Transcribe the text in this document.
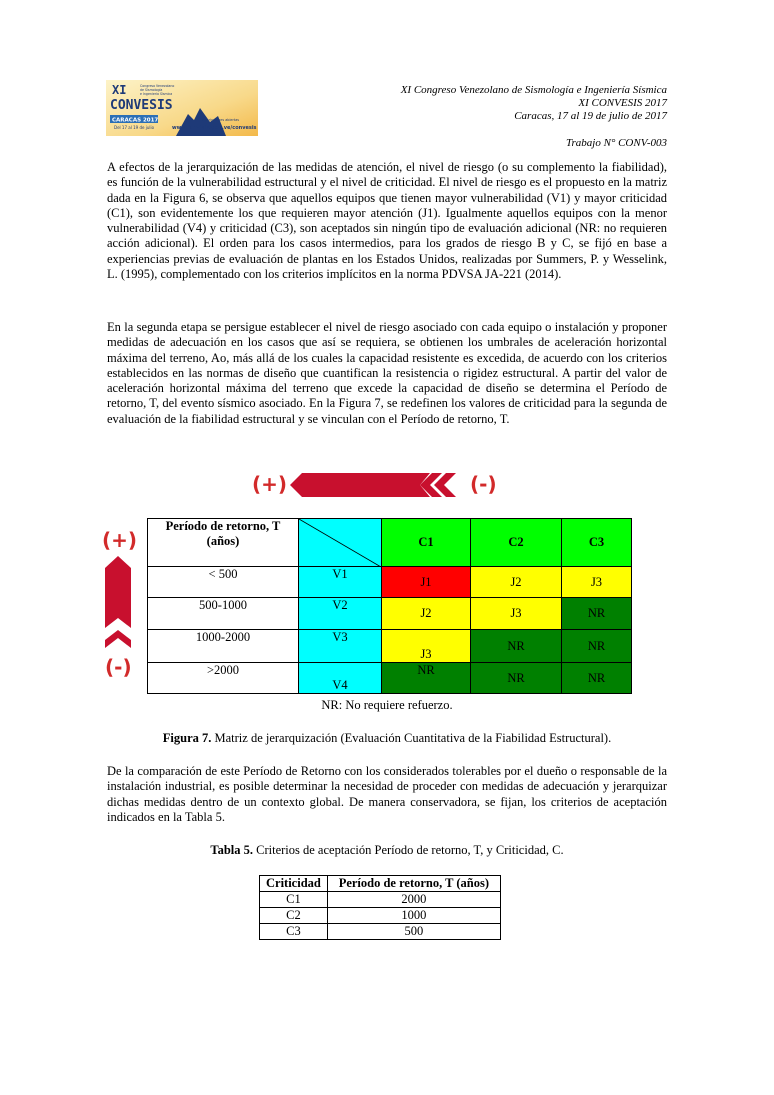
XI
CONVESIS
Congreso Venezolano
de Sismología
e Ingeniería Sísmica
CARACAS 2017
Del 17 al 19 de julio
Inscripciones abiertas
www.funvisis.gob.ve/convesis
XI Congreso Venezolano de Sismología e Ingeniería Sísmica
XI CONVESIS 2017
Caracas, 17 al 19 de julio de 2017
Trabajo N° CONV-003

A efectos de la jerarquización de las medidas de atención, el nivel de riesgo (o su complemento la fiabilidad), es función de la vulnerabilidad estructural y el nivel de criticidad. El nivel de riesgo es el propuesto en la matriz dada en la Figura 6, se observa que aquellos equipos que tienen mayor vulnerabilidad (V1) y mayor criticidad (C1), son evidentemente los que requieren mayor atención (J1). Igualmente aquellos equipos con la menor vulnerabilidad (V4) y criticidad (C3), son aceptados sin ningún tipo de evaluación adicional (NR: no requieren acción adicional). El orden para los casos intermedios, para los grados de riesgo B y C, se fijó en base a experiencias previas de evaluación de plantas en los Estados Unidos, realizadas por Summers, P. y Wesselink, L. (1995), complementado con los criterios implícitos en la norma PDVSA JA-221 (2014).

En la segunda etapa se persigue establecer el nivel de riesgo asociado con cada equipo o instalación y proponer medidas de adecuación en los casos que así se requiera, se obtienen los umbrales de aceleración horizontal máxima del terreno, Ao, más allá de los cuales la capacidad resistente es excedida, de acuerdo con los criterios establecidos en las normas de diseño que cuantifican la resistencia o rigidez estructural. A partir del valor de aceleración horizontal máxima del terreno que excede la capacidad de diseño se determina el Período de retorno, T, del evento sísmico asociado. En la Figura 7, se redefinen los valores de criticidad para la segunda de evaluación de la fiabilidad estructural y se vinculan con el Período de retorno, T.

(+)	(-)
(+)
(-)
Período de retorno, T (años)		C1	C2	C3
< 500	V1	J1	J2	J3
500-1000	V2	J2	J3	NR
1000-2000	V3	J3	NR	NR
>2000	V4	NR	NR	NR
NR: No requiere refuerzo.
Figura 7. Matriz de jerarquización (Evaluación Cuantitativa de la Fiabilidad Estructural).

De la comparación de este Período de Retorno con los considerados tolerables por el dueño o responsable de la instalación industrial, es posible determinar la necesidad de proceder con medidas de adecuación y jerarquizar dichas medidas dentro de un contexto global. De manera conservadora, se fijan, los criterios de aceptación indicados en la Tabla 5.

Tabla 5. Criterios de aceptación Período de retorno, T, y Criticidad, C.
Criticidad	Período de retorno, T (años)
C1	2000
C2	1000
C3	500
